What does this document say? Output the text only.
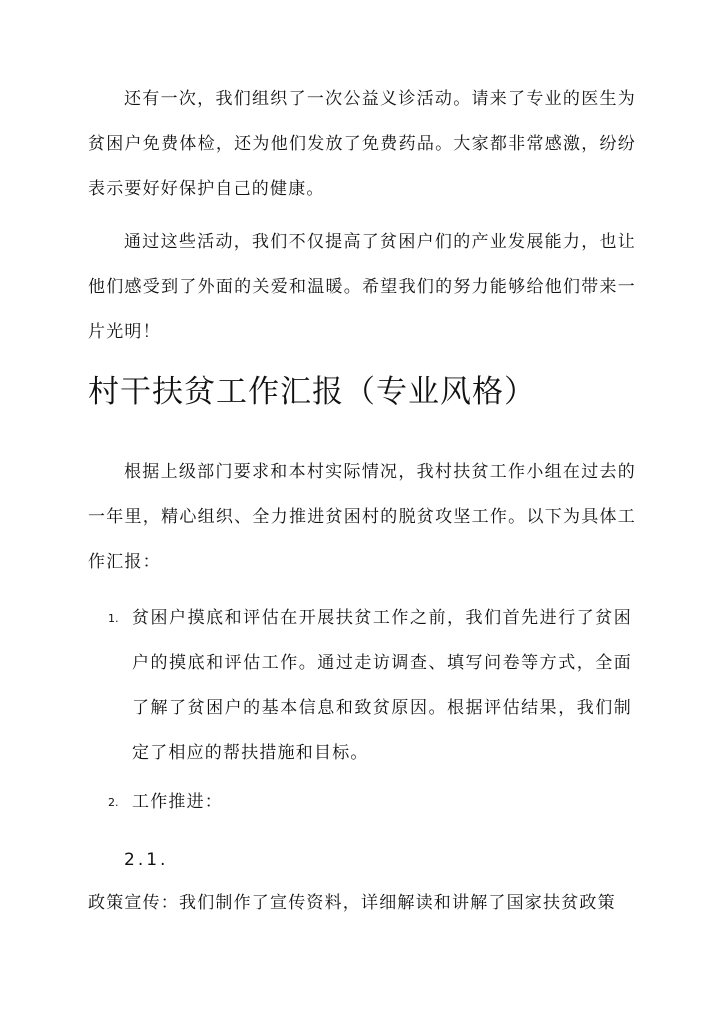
还有一次，我们组织了一次公益义诊活动。请来了专业的医生为贫困户免费体检，还为他们发放了免费药品。大家都非常感激，纷纷表示要好好保护自己的健康。

通过这些活动，我们不仅提高了贫困户们的产业发展能力，也让他们感受到了外面的关爱和温暖。希望我们的努力能够给他们带来一片光明！

村干扶贫工作汇报（专业风格）

根据上级部门要求和本村实际情况，我村扶贫工作小组在过去的一年里，精心组织、全力推进贫困村的脱贫攻坚工作。以下为具体工作汇报：

1. 贫困户摸底和评估在开展扶贫工作之前，我们首先进行了贫困户的摸底和评估工作。通过走访调查、填写问卷等方式，全面了解了贫困户的基本信息和致贫原因。根据评估结果，我们制定了相应的帮扶措施和目标。

2. 工作推进：

2.1.

政策宣传：我们制作了宣传资料，详细解读和讲解了国家扶贫政策
